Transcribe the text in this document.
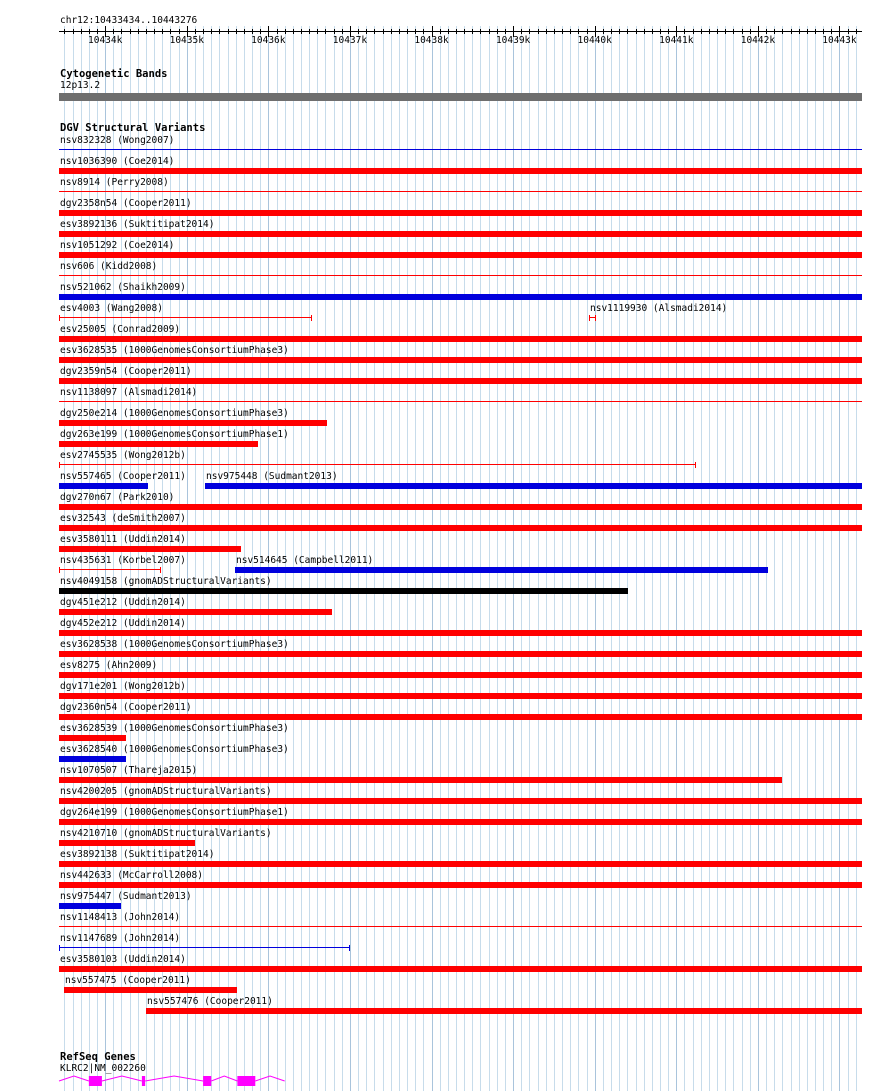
chr12:10433434..10443276
10434k	10435k	10436k	10437k	10438k	10439k	10440k	10441k	10442k	10443k
Cytogenetic Bands
12p13.2
DGV Structural Variants
nsv832328 (Wong2007)
nsv1036390 (Coe2014)
nsv8914 (Perry2008)
dgv2358n54 (Cooper2011)
esv3892136 (Suktitipat2014)
nsv1051292 (Coe2014)
nsv606 (Kidd2008)
nsv521062 (Shaikh2009)
esv4003 (Wang2008)	nsv1119930 (Alsmadi2014)
esv25005 (Conrad2009)
esv3628535 (1000GenomesConsortiumPhase3)
dgv2359n54 (Cooper2011)
nsv1138097 (Alsmadi2014)
dgv250e214 (1000GenomesConsortiumPhase3)
dgv263e199 (1000GenomesConsortiumPhase1)
esv2745535 (Wong2012b)
nsv557465 (Cooper2011) nsv975448 (Sudmant2013)
dgv270n67 (Park2010)
esv32543 (deSmith2007)
esv3580111 (Uddin2014)
nsv435631 (Korbel2007)	nsv514645 (Campbell2011)
nsv4049158 (gnomADStructuralVariants)
dgv451e212 (Uddin2014)
dgv452e212 (Uddin2014)
esv3628538 (1000GenomesConsortiumPhase3)
esv8275 (Ahn2009)
dgv171e201 (Wong2012b)
dgv2360n54 (Cooper2011)
esv3628539 (1000GenomesConsortiumPhase3)
esv3628540 (1000GenomesConsortiumPhase3)
nsv1070507 (Thareja2015)
nsv4200205 (gnomADStructuralVariants)
dgv264e199 (1000GenomesConsortiumPhase1)
nsv4210710 (gnomADStructuralVariants)
esv3892138 (Suktitipat2014)
nsv442633 (McCarroll2008)
nsv975447 (Sudmant2013)
nsv1148413 (John2014)
nsv1147689 (John2014)
esv3580103 (Uddin2014)
nsv557475 (Cooper2011)
nsv557476 (Cooper2011)
RefSeq Genes
KLRC2|NM_002260
